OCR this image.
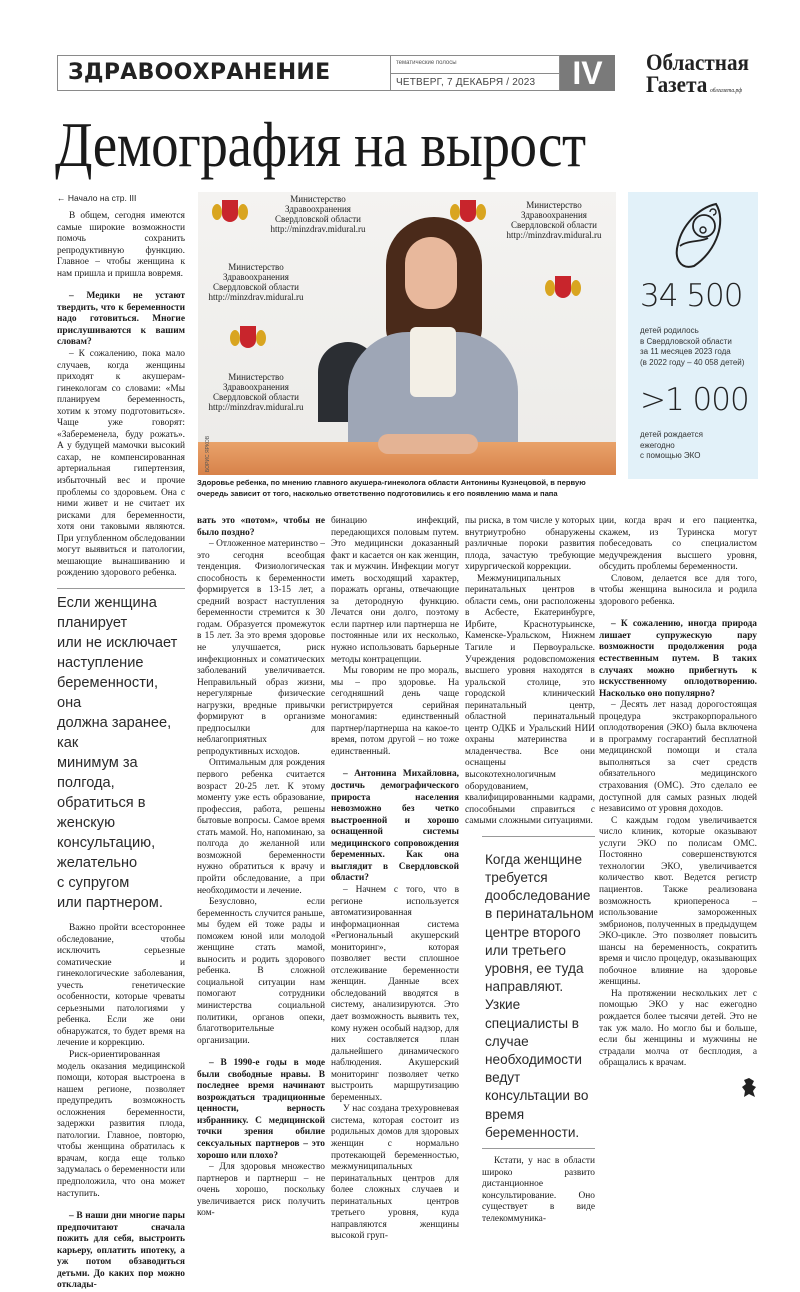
ЗДРАВООХРАНЕНИЕ	тематические полосы
ЧЕТВЕРГ, 7 ДЕКАБРЯ / 2023	IV	Областная
Газета облгазета.рф
Демография на вырост
Министерство
Здравоохранения
Свердловской области
http://minzdrav.midural.ru
Министерство
Здравоохранения
Свердловской области
http://minzdrav.midural.ru
Министерство
Здравоохранения
Свердловской области
http://minzdrav.midural.ru
Министерство
Здравоохранения
Свердловской области
http://minzdrav.midural.ru
БОРИС ЯРКОВ
34 500
детей родилось
в Свердловской области
за 11 месяцев 2023 года
(в 2022 году – 40 058 детей)
>1 000
детей рождается
ежегодно
с помощью ЭКО
Здоровье ребенка, по мнению главного акушера-гинеколога области Антонины Кузнецовой, в первую очередь зависит от того, насколько ответственно подготовились к его появлению мама и папа

← Начало на стр. III

В общем, сегодня имеются самые широкие возможности помочь сохранить репродуктивную функцию. Главное – чтобы женщина к нам пришла и пришла вовремя.

– Медики не устают твердить, что к беременности надо готовиться. Многие прислушиваются к вашим словам?

– К сожалению, пока мало случаев, когда женщины приходят к акушерам-гинекологам со словами: «Мы планируем беременность, хотим к этому подготовиться». Чаще уже говорят: «Забеременела, буду рожать». А у будущей мамочки высокий сахар, не компенсированная артериальная гипертензия, избыточный вес и прочие проблемы со здоровьем. Она с ними живет и не считает их рисками для беременности, хотя они таковыми являются. При углубленном обследовании могут выявиться и патологии, мешающие вынашиванию и рождению здорового ребенка.

Если женщина
планирует
или не исключает
наступление
беременности, она
должна заранее, как
минимум за полгода,
обратиться в женскую
консультацию,
желательно
с супругом
или партнером.

Важно пройти всестороннее обследование, чтобы исключить серьезные соматические и гинекологические заболевания, учесть генетические особенности, которые чреваты серьезными патологиями у ребенка. Если же они обнаружатся, то будет время на лечение и коррекцию.

Риск-ориентированная модель оказания медицинской помощи, которая выстроена в нашем регионе, позволяет предупредить возможность осложнения беременности, задержки развития плода, патологии. Главное, повторю, чтобы женщина обратилась к врачам, когда еще только задумалась о беременности или предположила, что она может наступить.

– В наши дни многие пары предпочитают сначала пожить для себя, выстроить карьеру, оплатить ипотеку, а уж потом обзаводиться детьми. До каких пор можно отклады-

вать это «потом», чтобы не было поздно?

– Отложенное материнство – это сегодня всеобщая тенденция. Физиологическая способность к беременности формируется в 13-15 лет, а средний возраст наступления беременности стремится к 30 годам. Образуется промежуток в 15 лет. За это время здоровье не улучшается, риск инфекционных и соматических заболеваний увеличивается. Неправильный образ жизни, нерегулярные физические нагрузки, вредные привычки формируют в организме предпосылки для неблагоприятных репродуктивных исходов.

Оптимальным для рождения первого ребенка считается возраст 20-25 лет. К этому моменту уже есть образование, профессия, работа, решены бытовые вопросы. Самое время стать мамой. Но, напоминаю, за полгода до желанной или возможной беременности нужно обратиться к врачу и пройти обследование, а при необходимости и лечение.

Безусловно, если беременность случится раньше, мы будем ей тоже рады и поможем юной или молодой женщине стать мамой, выносить и родить здорового ребенка. В сложной социальной ситуации нам помогают сотрудники министерства социальной политики, органов опеки, благотворительные организации.

– В 1990-е годы в моде были свободные нравы. В последнее время начинают возрождаться традиционные ценности, верность избраннику. С медицинской точки зрения обилие сексуальных партнеров – это хорошо или плохо?

– Для здоровья множество партнеров и партнерш – не очень хорошо, поскольку увеличивается риск получить ком-

бинацию инфекций, передающихся половым путем. Это медицински доказанный факт и касается он как женщин, так и мужчин. Инфекции могут иметь восходящий характер, поражать органы, отвечающие за детородную функцию. Лечатся они долго, поэтому если партнер или партнерша не постоянные или их несколько, нужно использовать барьерные методы контрацепции.

Мы говорим не про мораль, мы – про здоровье. На сегодняшний день чаще регистрируется серийная моногамия: единственный партнер/партнерша на какое-то время, потом другой – но тоже единственный.

– Антонина Михайловна, достичь демографического прироста населения невозможно без четко выстроенной и хорошо оснащенной системы медицинского сопровождения беременных. Как она выглядит в Свердловской области?

– Начнем с того, что в регионе используется автоматизированная информационная система «Региональный акушерский мониторинг», которая позволяет вести сплошное отслеживание беременности женщин. Данные всех обследований вводятся в систему, анализируются. Это дает возможность выявить тех, кому нужен особый надзор, для них составляется план дальнейшего динамического наблюдения. Акушерский мониторинг позволяет четко выстроить маршрутизацию беременных.

У нас создана трехуровневая система, которая состоит из родильных домов для здоровых женщин с нормально протекающей беременностью, межмуниципальных перинатальных центров для более сложных случаев и перинатальных центров третьего уровня, куда направляются женщины высокой груп-

пы риска, в том числе у которых внутриутробно обнаружены различные пороки развития плода, зачастую требующие хирургической коррекции.

Межмуниципальных перинатальных центров в области семь, они расположены в Асбесте, Екатеринбурге, Ирбите, Краснотурьинске, Каменске-Уральском, Нижнем Тагиле и Первоуральске. Учреждения родовспоможения высшего уровня находятся в уральской столице, это городской клинический перинатальный центр, областной перинатальный центр ОДКБ и Уральский НИИ охраны материнства и младенчества. Все они оснащены высокотехнологичным оборудованием, квалифицированными кадрами, способными справиться с самыми сложными ситуациями.

Когда женщине
требуется
дообследование
в перинатальном
центре второго
или третьего
уровня, ее туда
направляют. Узкие
специалисты в случае
необходимости ведут
консультации во время
беременности.

Кстати, у нас в области широко развито дистанционное консультирование. Оно существует в виде телекоммуника-

ции, когда врач и его пациентка, скажем, из Туринска могут побеседовать со специалистом медучреждения высшего уровня, обсудить проблемы беременности.

Словом, делается все для того, чтобы женщина выносила и родила здорового ребенка.

– К сожалению, иногда природа лишает супружескую пару возможности продолжения рода естественным путем. В таких случаях можно прибегнуть к искусственному оплодотворению. Насколько оно популярно?

– Десять лет назад дорогостоящая процедура экстракорпорального оплодотворения (ЭКО) была включена в программу госгарантий бесплатной медицинской помощи и стала выполняться за счет средств обязательного медицинского страхования (ОМС). Это сделало ее доступной для самых разных людей независимо от уровня доходов.

С каждым годом увеличивается число клиник, которые оказывают услуги ЭКО по полисам ОМС. Постоянно совершенствуются технологии ЭКО, увеличивается количество квот. Ведется регистр пациентов. Также реализована возможность криопереноса – использование замороженных эмбрионов, полученных в предыдущем ЭКО-цикле. Это позволяет повысить шансы на беременность, сократить время и число процедур, оказывающих побочное влияние на здоровье женщины.

На протяжении нескольких лет с помощью ЭКО у нас ежегодно рождается более тысячи детей. Это не так уж мало. Но могло бы и больше, если бы женщины и мужчины не страдали молча от бесплодия, а обращались к врачам.
